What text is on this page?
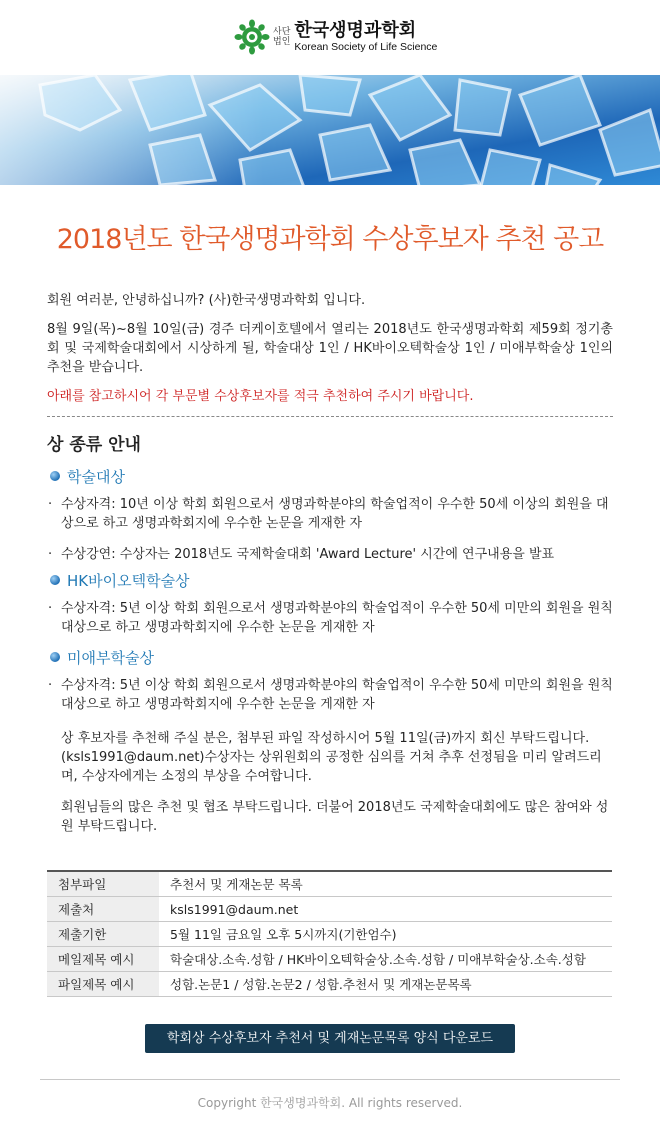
사단
법인
한국생명과학회
Korean Society of Life Science
2018년도 한국생명과학회 수상후보자 추천 공고

회원 여러분, 안녕하십니까? (사)한국생명과학회 입니다.

8월 9일(목)~8월 10일(금) 경주 더케이호텔에서 열리는 2018년도 한국생명과학회 제59회 정기총회 및 국제학술대회에서 시상하게 될, 학술대상 1인 / HK바이오텍학술상 1인 / 미애부학술상 1인의 추천을 받습니다.

아래를 참고하시어 각 부문별 수상후보자를 적극 추천하여 주시기 바랍니다.

상 종류 안내
학술대상
· 수상자격: 10년 이상 학회 회원으로서 생명과학분야의 학술업적이 우수한 50세 이상의 회원을 대상으로 하고 생명과학회지에 우수한 논문을 게재한 자
· 수상강연: 수상자는 2018년도 국제학술대회 'Award Lecture' 시간에 연구내용을 발표
HK바이오텍학술상
· 수상자격: 5년 이상 학회 회원으로서 생명과학분야의 학술업적이 우수한 50세 미만의 회원을 원칙대상으로 하고 생명과학회지에 우수한 논문을 게재한 자
미애부학술상
· 수상자격: 5년 이상 학회 회원으로서 생명과학분야의 학술업적이 우수한 50세 미만의 회원을 원칙대상으로 하고 생명과학회지에 우수한 논문을 게재한 자
상 후보자를 추천해 주실 분은, 첨부된 파일 작성하시어 5월 11일(금)까지 회신 부탁드립니다. (ksls1991@daum.net)수상자는 상위원회의 공정한 심의를 거쳐 추후 선정됨을 미리 알려드리며, 수상자에게는 소정의 부상을 수여합니다.
회원님들의 많은 추천 및 협조 부탁드립니다. 더불어 2018년도 국제학술대회에도 많은 참여와 성원 부탁드립니다.
첨부파일	추천서 및 게재논문 목록
제출처	ksls1991@daum.net
제출기한	5월 11일 금요일 오후 5시까지(기한엄수)
메일제목 예시	학술대상.소속.성함 / HK바이오텍학술상.소속.성함 / 미애부학술상.소속.성함
파일제목 예시	성함.논문1 / 성함.논문2 / 성함.추천서 및 게재논문목록
학회상 수상후보자 추천서 및 게재논문목록 양식 다운로드
Copyright 한국생명과학회. All rights reserved.
